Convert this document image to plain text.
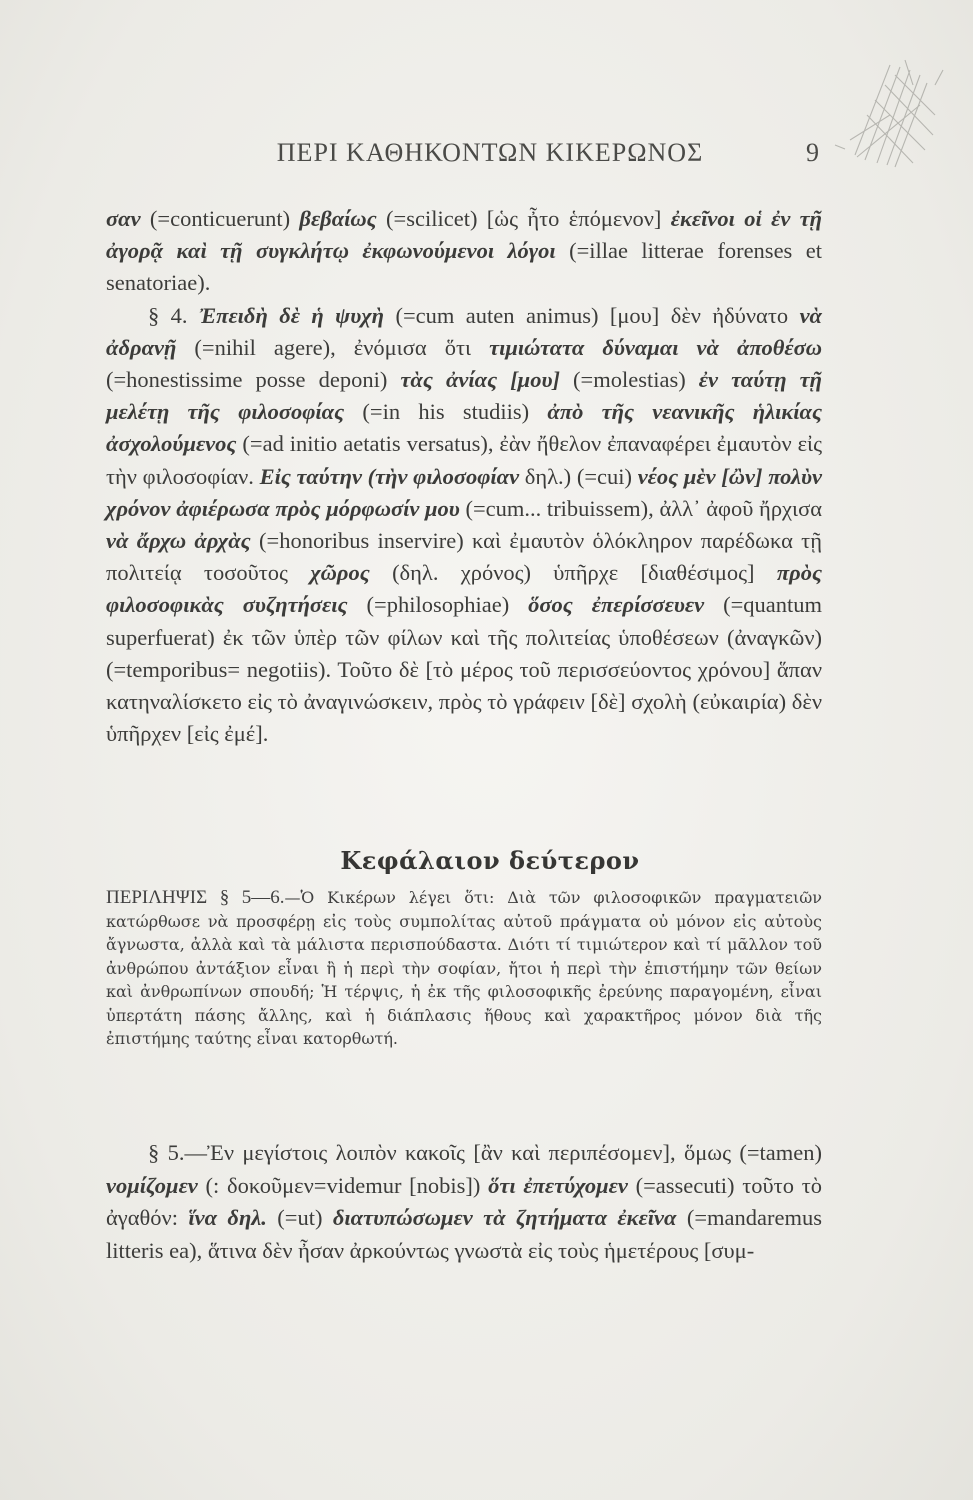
ΠΕΡΙ ΚΑΘΗΚΟΝΤΩΝ ΚΙΚΕΡΩΝΟΣ	9

σαν (=conticuerunt) βεβαίως (=scilicet) [ὡς ἦτο ἑπόμενον] ἐκεῖνοι οἱ ἐν τῇ ἀγορᾷ καὶ τῇ συγκλήτῳ ἐκφωνούμενοι λόγοι (=illae litterae forenses et senatoriae).

§ 4. Ἐπειδὴ δὲ ἡ ψυχὴ (=cum auten animus) [μου] δὲν ἠδύνατο νὰ ἀδρανῇ (=nihil agere), ἐνόμισα ὅτι τιμιώτατα δύναμαι νὰ ἀποθέσω (=honestissime posse deponi) τὰς ἀνίας [μου] (=molestias) ἐν ταύτῃ τῇ μελέτῃ τῆς φιλοσοφίας (=in his studiis) ἀπὸ τῆς νεανικῆς ἡλικίας ἀσχολούμενος (=ad initio aetatis versatus), ἐὰν ἤθελον ἐπαναφέρει ἐμαυτὸν εἰς τὴν φιλοσοφίαν. Εἰς ταύτην (τὴν φιλοσοφίαν δηλ.) (=cui) νέος μὲν [ὢν] πολὺν χρόνον ἀφιέρωσα πρὸς μόρφωσίν μου (=cum... tribuissem), ἀλλ᾽ ἀφοῦ ἤρχισα νὰ ἄρχω ἀρχὰς (=honoribus inservire) καὶ ἐμαυτὸν ὁλόκληρον παρέδωκα τῇ πολιτείᾳ τοσοῦτος χῶρος (δηλ. χρόνος) ὑπῆρχε [διαθέσιμος] πρὸς φιλοσοφικὰς συζητήσεις (=philosophiae) ὅσος ἐπερίσσευεν (=quantum superfuerat) ἐκ τῶν ὑπὲρ τῶν φίλων καὶ τῆς πολιτείας ὑποθέσεων (ἀναγκῶν) (=temporibus= negotiis). Τοῦτο δὲ [τὸ μέρος τοῦ περισσεύοντος χρόνου] ἅπαν κατηναλίσκετο εἰς τὸ ἀναγινώσκειν, πρὸς τὸ γράφειν [δὲ] σχολὴ (εὐκαιρία) δὲν ὑπῆρχεν [εἰς ἐμέ].

Κεφάλαιον δεύτερον
ΠΕΡΙΛΗΨΙΣ § 5—6.—Ὁ Κικέρων λέγει ὅτι: Διὰ τῶν φιλοσοφικῶν πραγματειῶν κατώρθωσε νὰ προσφέρῃ εἰς τοὺς συμπολίτας αὐτοῦ πράγματα οὐ μόνον εἰς αὐτοὺς ἄγνωστα, ἀλλὰ καὶ τὰ μάλιστα περισπούδαστα. Διότι τί τιμιώτερον καὶ τί μᾶλλον τοῦ ἀνθρώπου ἀντάξιον εἶναι ἢ ἡ περὶ τὴν σοφίαν, ἤτοι ἡ περὶ τὴν ἐπιστήμην τῶν θείων καὶ ἀνθρωπίνων σπουδή; Ἡ τέρψις, ἡ ἐκ τῆς φιλοσοφικῆς ἐρεύνης παραγομένη, εἶναι ὑπερτάτη πάσης ἄλλης, καὶ ἡ διάπλασις ἤθους καὶ χαρακτῆρος μόνον διὰ τῆς ἐπιστήμης ταύτης εἶναι κατορθωτή.

§ 5.—Ἐν μεγίστοις λοιπὸν κακοῖς [ἂν καὶ περιπέσομεν], ὅμως (=tamen) νομίζομεν (: δοκοῦμεν=videmur [nobis]) ὅτι ἐπετύχομεν (=assecuti) τοῦτο τὸ ἀγαθόν: ἵνα δηλ. (=ut) διατυπώσωμεν τὰ ζητήματα ἐκεῖνα (=mandaremus litteris ea), ἅτινα δὲν ἦσαν ἀρκούντως γνωστὰ εἰς τοὺς ἡμετέρους [συμ-
